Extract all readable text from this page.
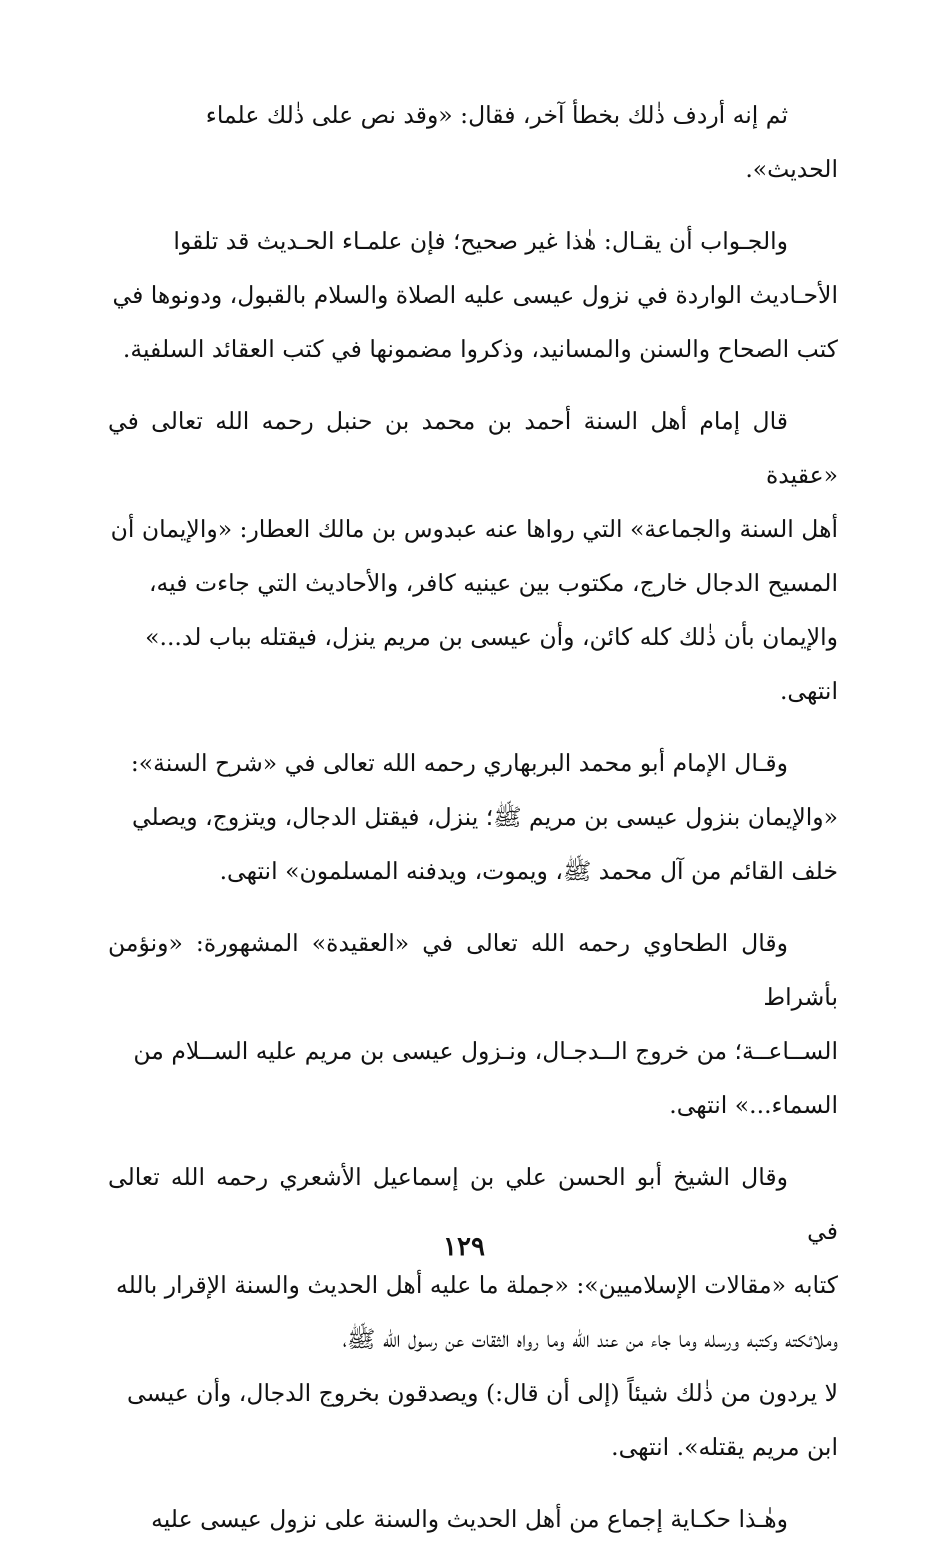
ثم إنه أردف ذٰلك بخطأ آخر، فقال: «وقد نص على ذٰلك علماء

الحديث».

والجـواب أن يقـال: هٰذا غير صحيح؛ فإن علمـاء الحـديث قد تلقوا

الأحـاديث الواردة في نزول عيسى عليه الصلاة والسلام بالقبول، ودونوها في

كتب الصحاح والسنن والمسانيد، وذكروا مضمونها في كتب العقائد السلفية.

قال إمام أهل السنة أحمد بن محمد بن حنبل رحمه الله تعالى في «عقيدة

أهل السنة والجماعة» التي رواها عنه عبدوس بن مالك العطار: «والإيمان أن

المسيح الدجال خارج، مكتوب بين عينيه كافر، والأحاديث التي جاءت فيه،

والإيمان بأن ذٰلك كله كائن، وأن عيسى بن مريم ينزل، فيقتله بباب لد...»

انتهى.

وقـال الإمام أبو محمد البربهاري رحمه الله تعالى في «شرح السنة»:

«والإيمان بنزول عيسى بن مريم ﷺ؛ ينزل، فيقتل الدجال، ويتزوج، ويصلي

خلف القائم من آل محمد ﷺ، ويموت، ويدفنه المسلمون» انتهى.

وقال الطحاوي رحمه الله تعالى في «العقيدة» المشهورة: «ونؤمن بأشراط

الســاعــة؛ من خروج الــدجـال، ونـزول عيسى بن مريم عليه الســلام من

السماء...» انتهى.

وقال الشيخ أبو الحسن علي بن إسماعيل الأشعري رحمه الله تعالى في

كتابه «مقالات الإسلاميين»: «جملة ما عليه أهل الحديث والسنة الإقرار بالله

وملائكته وكتبه ورسله وما جاء من عند الله وما رواه الثقات عن رسول الله ﷺ،

لا يردون من ذٰلك شيئاً (إلى أن قال:) ويصدقون بخروج الدجال، وأن عيسى

ابن مريم يقتله». انتهى.

وهٰـذا حكـاية إجماع من أهل الحديث والسنة على نزول عيسى عليه

١٢٩
